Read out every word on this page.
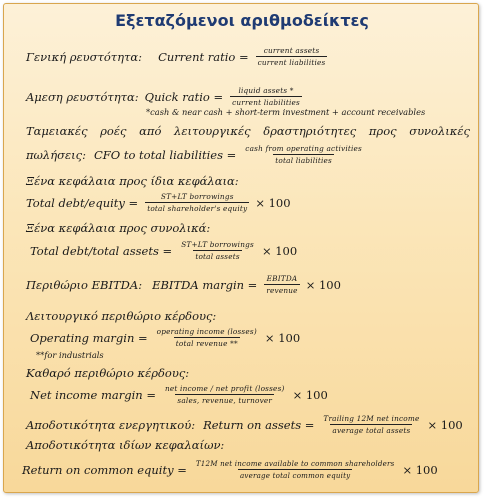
Εξεταζόμενοι αριθμοδείκτες
Γενική ρευστότητα: Current ratio = $\frac{\text{current assets}}{\text{current liabilities}}$
Αμεση ρευστότητα: Quick ratio = $\frac{\text{liquid assets *}}{\text{current liabilities}}$
*cash & near cash + short-term investment + account receivables
Ταμειακές ροές από λειτουργικές δραστηριότητες προς συνολικές
πωλήσεις: CFO to total liabilities = $\frac{\text{cash from operating activities}}{\text{total liabilities}}$
Ξένα κεφάλαια προς ίδια κεφάλαια:
Total debt/equity = $\frac{\text{ST+LT borrowings}}{\text{total shareholder's equity}} \times 100$
Ξένα κεφάλαια προς συνολικά:
Total debt/total assets = $\frac{\text{ST+LT borrowings}}{\text{total assets}} \times 100$
Περιθώριο EBITDA: EBITDA margin = $\frac{\text{EBITDA}}{\text{revenue}} \times 100$
Λειτουργικό περιθώριο κέρδους:
Operating margin = $\frac{\text{operating income (losses)}}{\text{total revenue **}} \times 100$
**for industrials
Καθαρό περιθώριο κέρδους:
Net income margin = $\frac{\text{net income / net profit (losses)}}{\text{sales, revenue, turnover}} \times 100$
Αποδοτικότητα ενεργητικού: Return on assets = $\frac{\text{Trailing 12M net income}}{\text{average total assets}} \times 100$
Αποδοτικότητα ιδίων κεφαλαίων:
Return on common equity = $\frac{\text{T12M net income available to common shareholders}}{\text{average total common equity}} \times 100$
